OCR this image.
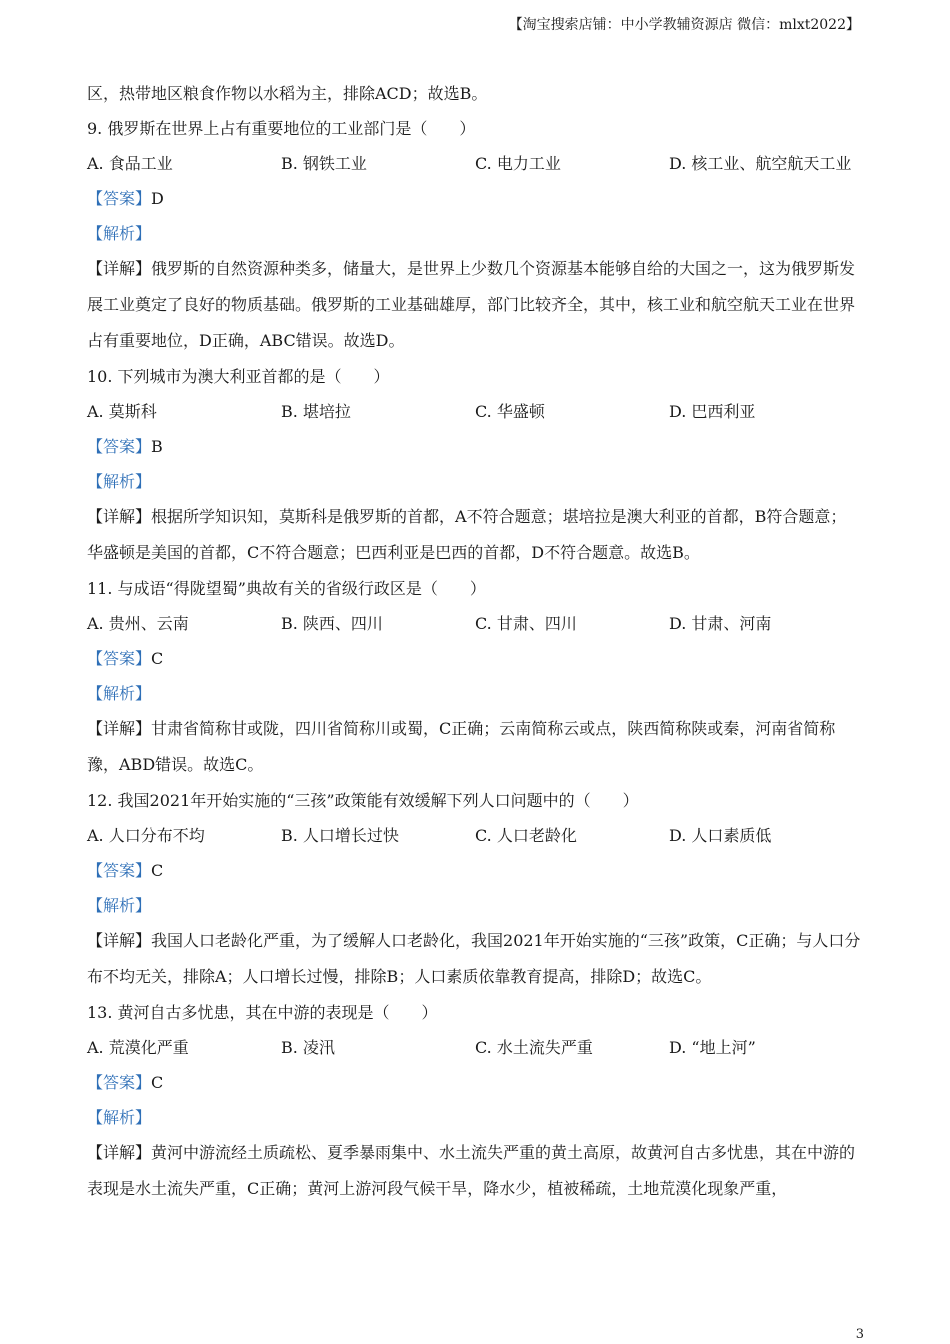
【淘宝搜索店铺：中小学教辅资源店 微信：mlxt2022】
区，热带地区粮食作物以水稻为主，排除ACD；故选B。
9. 俄罗斯在世界上占有重要地位的工业部门是（　　）
A. 食品工业	B. 钢铁工业	C. 电力工业	D. 核工业、航空航天工业
【答案】D
【解析】
【详解】俄罗斯的自然资源种类多，储量大，是世界上少数几个资源基本能够自给的大国之一，这为俄罗斯发展工业奠定了良好的物质基础。俄罗斯的工业基础雄厚，部门比较齐全，其中，核工业和航空航天工业在世界占有重要地位，D正确，ABC错误。故选D。
10. 下列城市为澳大利亚首都的是（　　）
A. 莫斯科	B. 堪培拉	C. 华盛顿	D. 巴西利亚
【答案】B
【解析】
【详解】根据所学知识知，莫斯科是俄罗斯的首都，A不符合题意；堪培拉是澳大利亚的首都，B符合题意；华盛顿是美国的首都，C不符合题意；巴西利亚是巴西的首都，D不符合题意。故选B。
11. 与成语“得陇望蜀”典故有关的省级行政区是（　　）
A. 贵州、云南	B. 陕西、四川	C. 甘肃、四川	D. 甘肃、河南
【答案】C
【解析】
【详解】甘肃省简称甘或陇，四川省简称川或蜀，C正确；云南简称云或点，陕西简称陕或秦，河南省简称豫，ABD错误。故选C。
12. 我国2021年开始实施的“三孩”政策能有效缓解下列人口问题中的（　　）
A. 人口分布不均	B. 人口增长过快	C. 人口老龄化	D. 人口素质低
【答案】C
【解析】
【详解】我国人口老龄化严重，为了缓解人口老龄化，我国2021年开始实施的“三孩”政策，C正确；与人口分布不均无关，排除A；人口增长过慢，排除B；人口素质依靠教育提高，排除D；故选C。
13. 黄河自古多忧患，其在中游的表现是（　　）
A. 荒漠化严重	B. 凌汛	C. 水土流失严重	D. “地上河”
【答案】C
【解析】
【详解】黄河中游流经土质疏松、夏季暴雨集中、水土流失严重的黄土高原，故黄河自古多忧患，其在中游的表现是水土流失严重，C正确；黄河上游河段气候干旱，降水少，植被稀疏，土地荒漠化现象严重，
3
